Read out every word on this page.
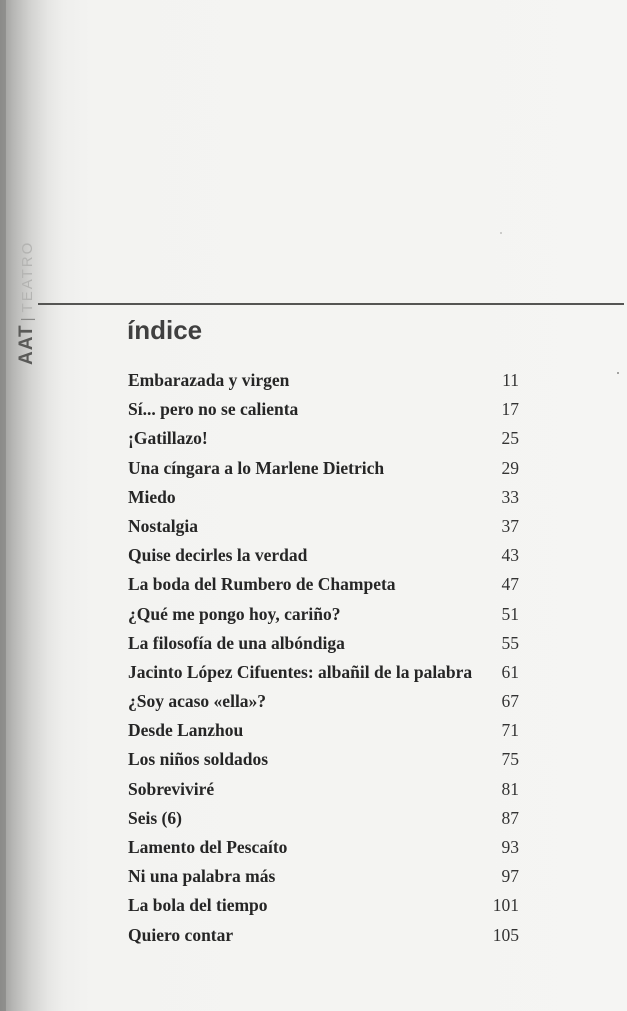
AAT|TEATRO
índice
Embarazada y virgen	11
Sí... pero no se calienta	17
¡Gatillazo!	25
Una cíngara a lo Marlene Dietrich	29
Miedo	33
Nostalgia	37
Quise decirles la verdad	43
La boda del Rumbero de Champeta	47
¿Qué me pongo hoy, cariño?	51
La filosofía de una albóndiga	55
Jacinto López Cifuentes: albañil de la palabra 61
¿Soy acaso «ella»?	67
Desde Lanzhou	71
Los niños soldados	75
Sobreviviré	81
Seis (6)	87
Lamento del Pescaíto	93
Ni una palabra más	97
La bola del tiempo	101
Quiero contar	105
